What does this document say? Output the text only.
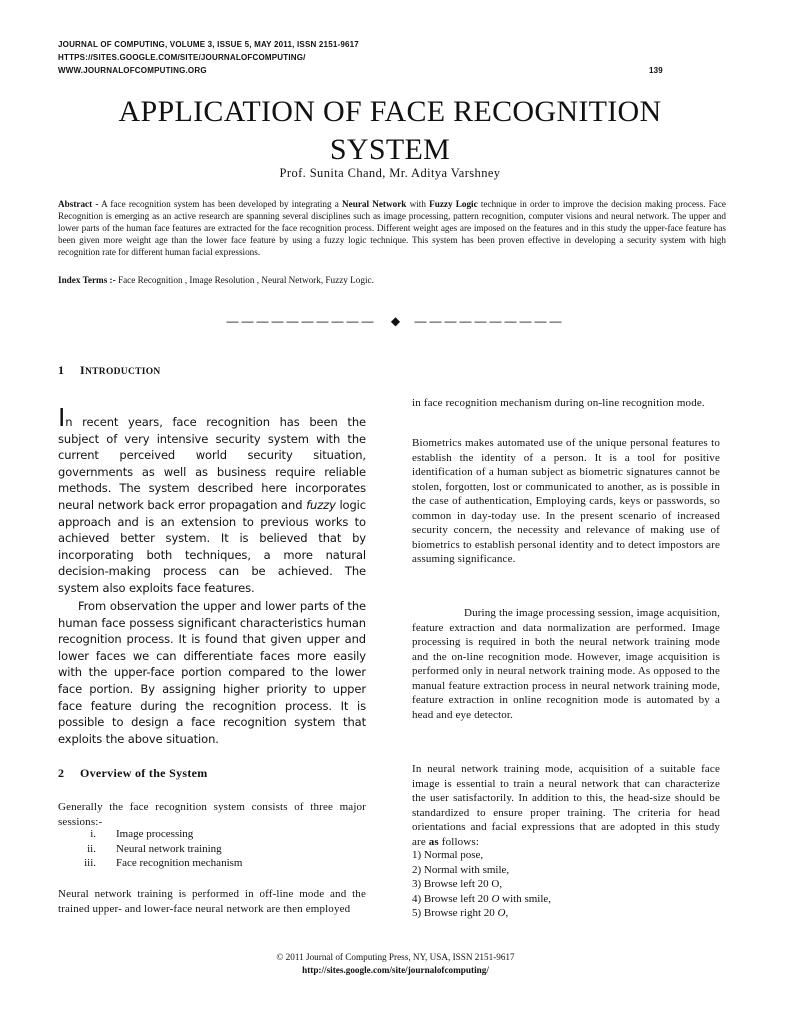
JOURNAL OF COMPUTING, VOLUME 3, ISSUE 5, MAY 2011, ISSN 2151-9617
HTTPS://SITES.GOOGLE.COM/SITE/JOURNALOFCOMPUTING/
WWW.JOURNALOFCOMPUTING.ORG	139
APPLICATION OF FACE RECOGNITION
SYSTEM
Prof. Sunita Chand, Mr. Aditya Varshney
Abstract - A face recognition system has been developed by integrating a Neural Network with Fuzzy Logic technique in order to improve the decision making process. Face Recognition is emerging as an active research are spanning several disciplines such as image processing, pattern recognition, computer visions and neural network. The upper and lower parts of the human face features are extracted for the face recognition process. Different weight ages are imposed on the features and in this study the upper-face feature has been given more weight age than the lower face feature by using a fuzzy logic technique. This system has been proven effective in developing a security system with high recognition rate for different human facial expressions.
Index Terms :- Face Recognition , Image Resolution , Neural Network, Fuzzy Logic.
—————————— ◆ ——————————
1 INTRODUCTION
In recent years, face recognition has been the subject of very intensive security system with the current perceived world security situation, governments as well as business require reliable methods. The system described here incorporates neural network back error propagation and fuzzy logic approach and is an extension to previous works to achieved better system. It is believed that by incorporating both techniques, a more natural decision-making process can be achieved. The system also exploits face features.
From observation the upper and lower parts of the human face possess significant characteristics human recognition process. It is found that given upper and lower faces we can differentiate faces more easily with the upper-face portion compared to the lower face portion. By assigning higher priority to upper face feature during the recognition process. It is possible to design a face recognition system that exploits the above situation.
2 Overview of the System
Generally the face recognition system consists of three major sessions:-
i.	Image processing
ii.	Neural network training
iii.	Face recognition mechanism
Neural network training is performed in off-line mode and the trained upper- and lower-face neural network are then employed
in face recognition mechanism during on-line recognition mode.
Biometrics makes automated use of the unique personal features to establish the identity of a person. It is a tool for positive identification of a human subject as biometric signatures cannot be stolen, forgotten, lost or communicated to another, as is possible in the case of authentication, Employing cards, keys or passwords, so common in day-today use. In the present scenario of increased security concern, the necessity and relevance of making use of biometrics to establish personal identity and to detect impostors are assuming significance.
During the image processing session, image acquisition, feature extraction and data normalization are performed. Image processing is required in both the neural network training mode and the on-line recognition mode. However, image acquisition is performed only in neural network training mode. As opposed to the manual feature extraction process in neural network training mode, feature extraction in online recognition mode is automated by a head and eye detector.
In neural network training mode, acquisition of a suitable face image is essential to train a neural network that can characterize the user satisfactorily. In addition to this, the head-size should be standardized to ensure proper training. The criteria for head orientations and facial expressions that are adopted in this study are as follows:
1) Normal pose,
2) Normal with smile,
3) Browse left 20 O,
4) Browse left 20 O with smile,
5) Browse right 20 O,
© 2011 Journal of Computing Press, NY, USA, ISSN 2151-9617
http://sites.google.com/site/journalofcomputing/
